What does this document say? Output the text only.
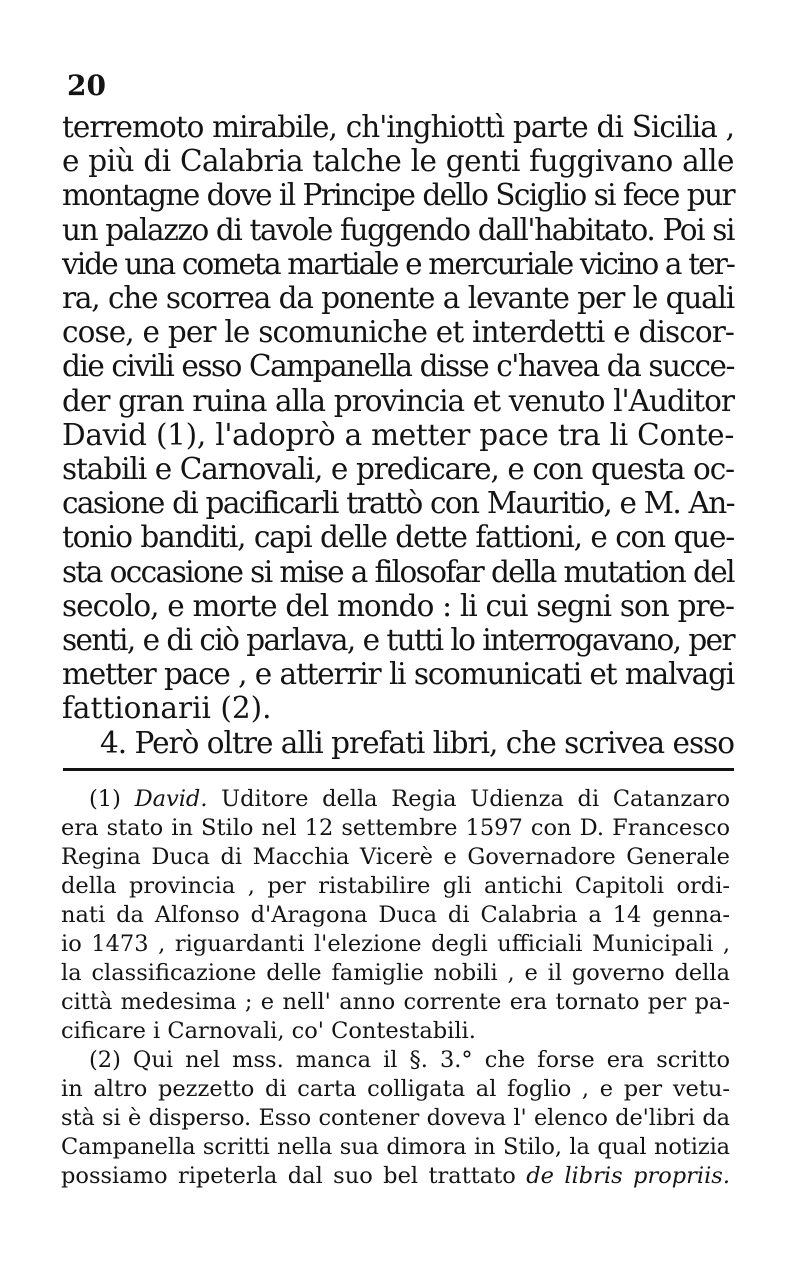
20
terremoto mirabile, ch'inghiottì parte di Sicilia ,
e più di Calabria talche le genti fuggivano alle
montagne dove il Principe dello Sciglio si fece pur
un palazzo di tavole fuggendo dall'habitato. Poi si
vide una cometa martiale e mercuriale vicino a ter-
ra, che scorrea da ponente a levante per le quali
cose, e per le scomuniche et interdetti e discor-
die civili esso Campanella disse c'havea da succe-
der gran ruina alla provincia et venuto l'Auditor
David (1), l'adoprò a metter pace tra li Conte-
stabili e Carnovali, e predicare, e con questa oc-
casione di pacificarli trattò con Mauritio, e M. An-
tonio banditi, capi delle dette fattioni, e con que-
sta occasione si mise a filosofar della mutation del
secolo, e morte del mondo : li cui segni son pre-
senti, e di ciò parlava, e tutti lo interrogavano, per
metter pace , e atterrir li scomunicati et malvagi
fattionarii (2).
4. Però oltre alli prefati libri, che scrivea esso
(1) David. Uditore della Regia Udienza di Catanzaro
era stato in Stilo nel 12 settembre 1597 con D. Francesco
Regina Duca di Macchia Vicerè e Governadore Generale
della provincia , per ristabilire gli antichi Capitoli ordi-
nati da Alfonso d'Aragona Duca di Calabria a 14 genna-
io 1473 , riguardanti l'elezione degli ufficiali Municipali ,
la classificazione delle famiglie nobili , e il governo della
città medesima ; e nell' anno corrente era tornato per pa-
cificare i Carnovali, co' Contestabili.
(2) Qui nel mss. manca il §. 3.° che forse era scritto
in altro pezzetto di carta colligata al foglio , e per vetu-
stà si è disperso. Esso contener doveva l' elenco de'libri da
Campanella scritti nella sua dimora in Stilo, la qual notizia
possiamo ripeterla dal suo bel trattato de libris propriis.
